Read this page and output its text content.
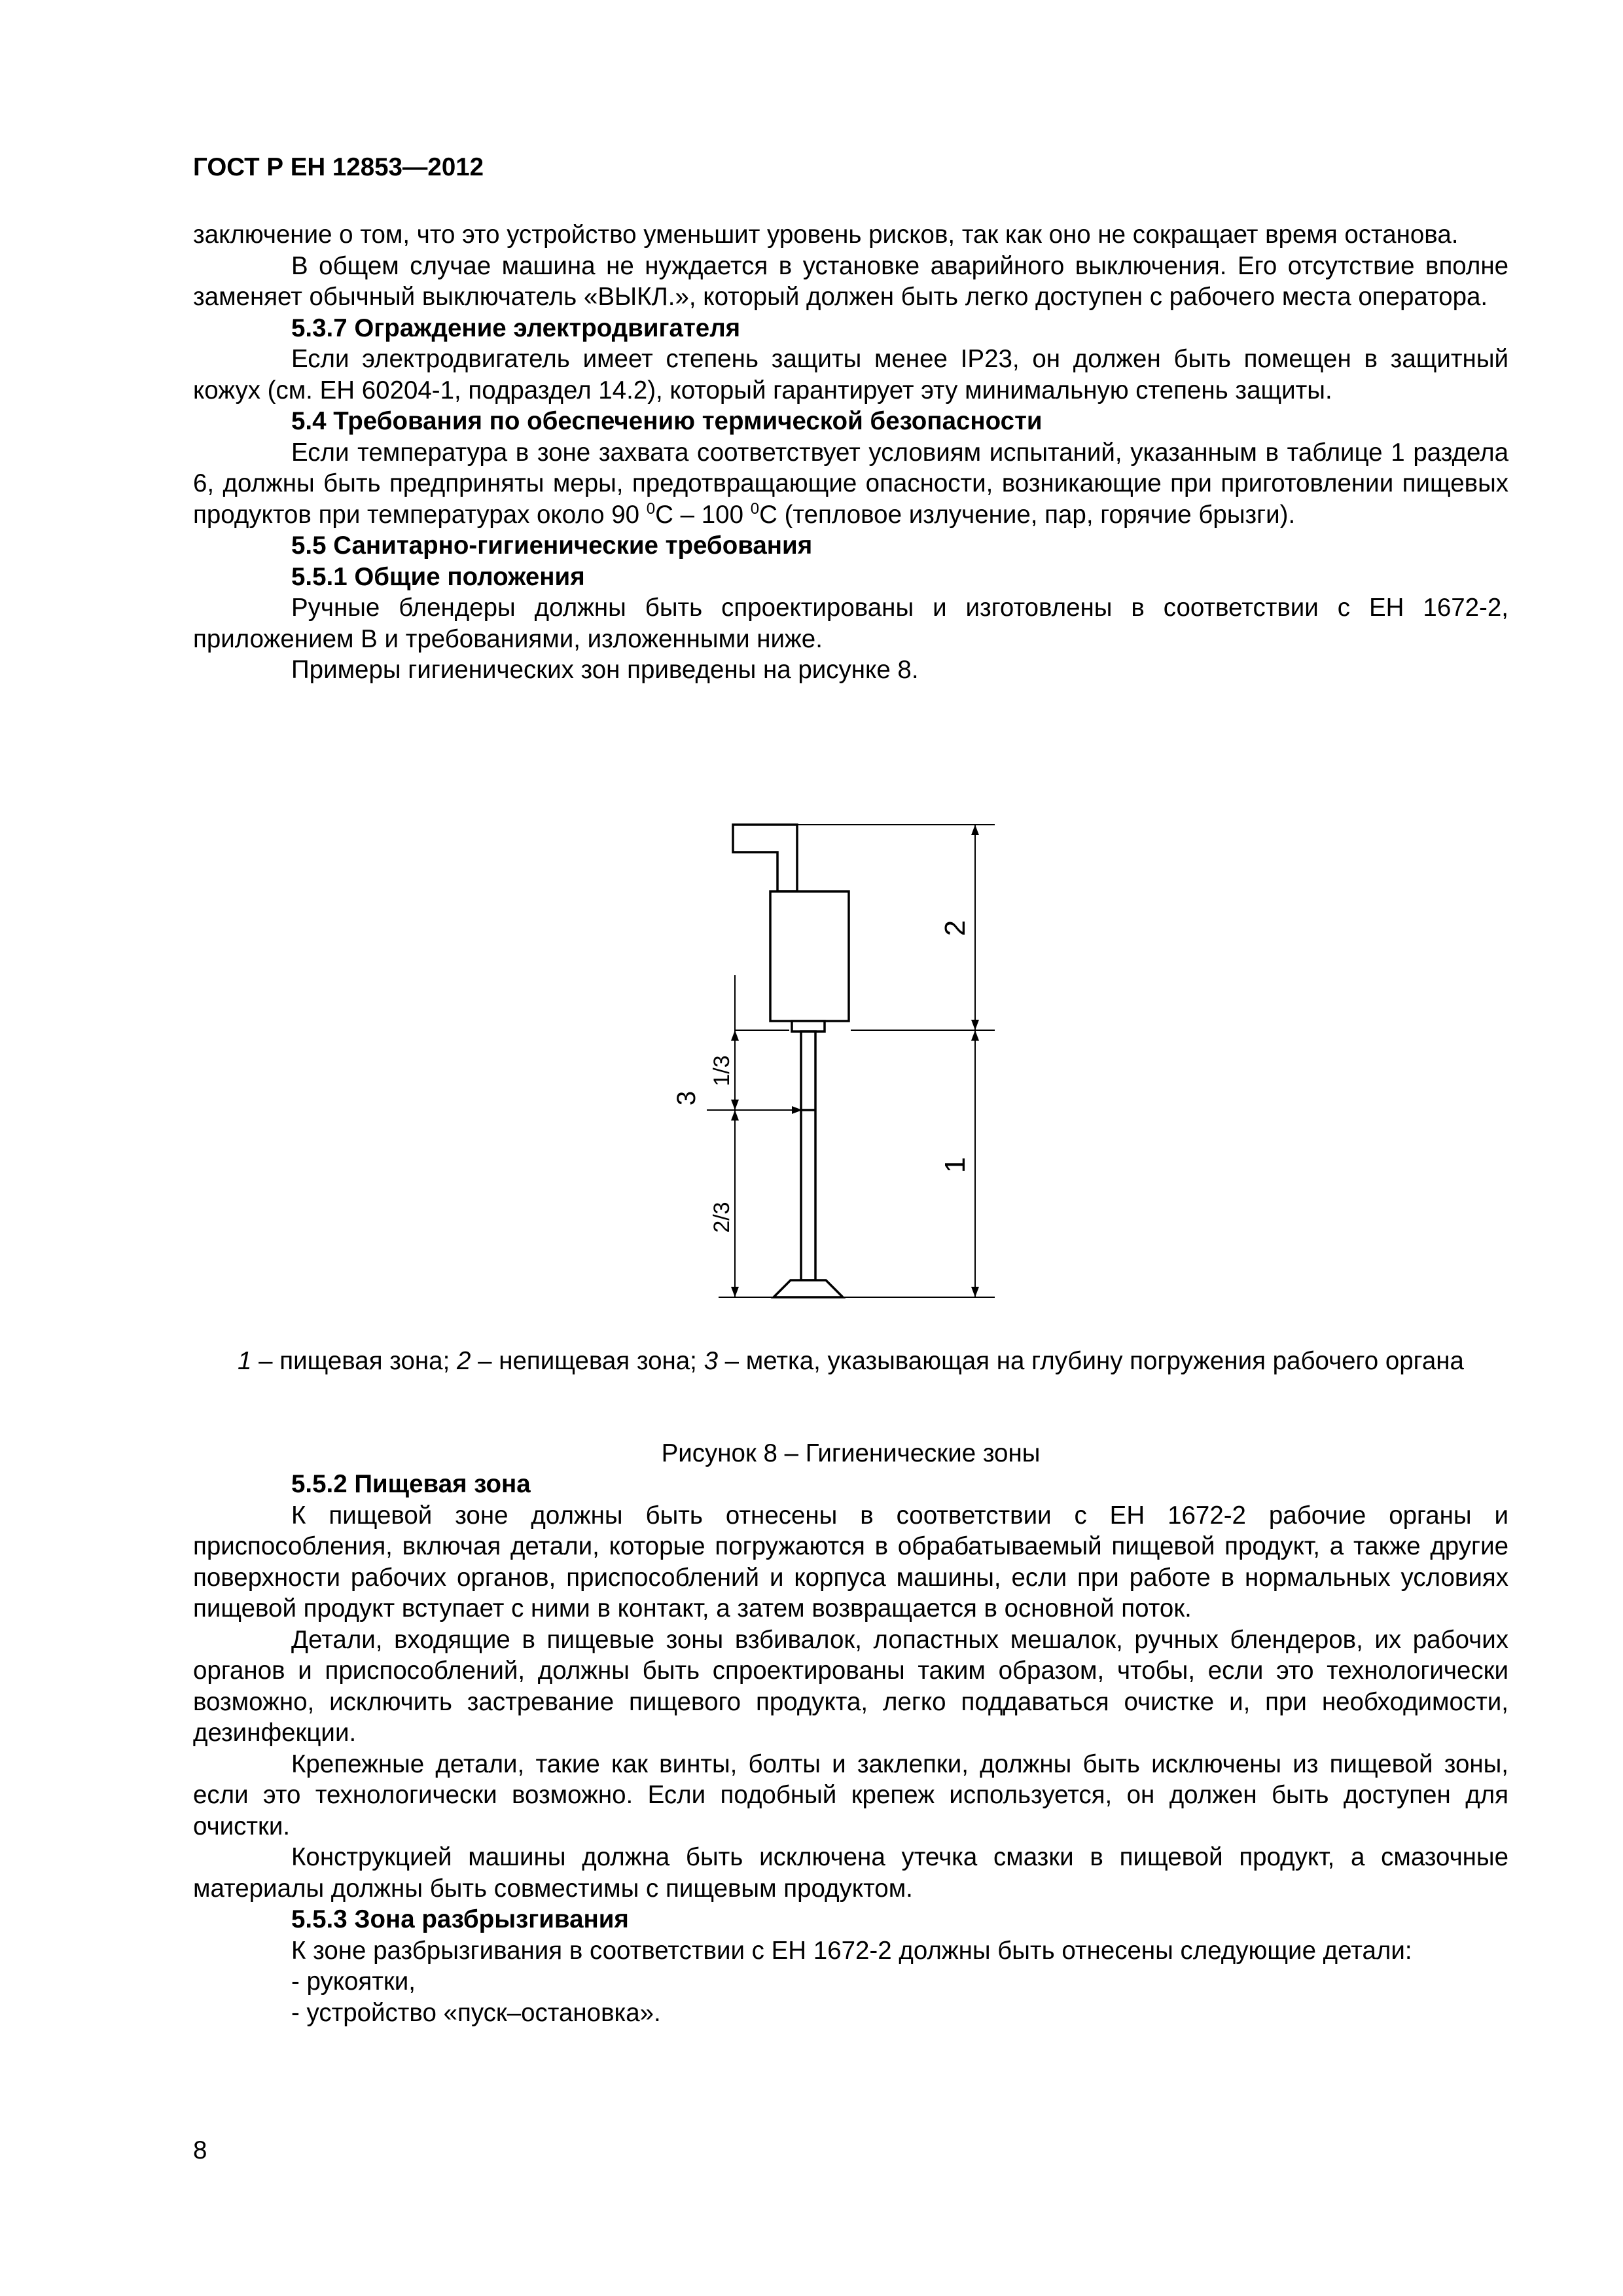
ГОСТ Р ЕН 12853—2012

заключение о том, что это устройство уменьшит уровень рисков, так как оно не сокращает время останова.

В общем случае машина не нуждается в установке аварийного выключения. Его отсутствие вполне заменяет обычный выключатель «ВЫКЛ.», который должен быть легко доступен с рабочего места оператора.

5.3.7 Ограждение электродвигателя

Если электродвигатель имеет степень защиты менее IP23, он должен быть помещен в защитный кожух (см. ЕН 60204-1, подраздел 14.2), который гарантирует эту минимальную степень защиты.

5.4 Требования по обеспечению термической безопасности

Если температура в зоне захвата соответствует условиям испытаний, указанным в таблице 1 раздела 6, должны быть предприняты меры, предотвращающие опасности, возникающие при приготовлении пищевых продуктов при температурах около 90 $^0$С – 100 $^0$С (тепловое излучение, пар, горячие брызги).

5.5 Санитарно-гигиенические требования

5.5.1 Общие положения

Ручные блендеры должны быть спроектированы и изготовлены в соответствии с ЕН 1672-2, приложением В и требованиями, изложенными ниже.

Примеры гигиенических зон приведены на рисунке 8.

2
1
1/3
2/3
3

1 – пищевая зона; 2 – непищевая зона; 3 – метка, указывающая на глубину погружения рабочего органа

Рисунок 8 – Гигиенические зоны

5.5.2 Пищевая зона

К пищевой зоне должны быть отнесены в соответствии с ЕН 1672-2 рабочие органы и приспособления, включая детали, которые погружаются в обрабатываемый пищевой продукт, а также другие поверхности рабочих органов, приспособлений и корпуса машины, если при работе в нормальных условиях пищевой продукт вступает с ними в контакт, а затем возвращается в основной поток.

Детали, входящие в пищевые зоны взбивалок, лопастных мешалок, ручных блендеров, их рабочих органов и приспособлений, должны быть спроектированы таким образом, чтобы, если это технологически возможно, исключить застревание пищевого продукта, легко поддаваться очистке и, при необходимости, дезинфекции.

Крепежные детали, такие как винты, болты и заклепки, должны быть исключены из пищевой зоны, если это технологически возможно. Если подобный крепеж используется, он должен быть доступен для очистки.

Конструкцией машины должна быть исключена утечка смазки в пищевой продукт, а смазочные материалы должны быть совместимы с пищевым продуктом.

5.5.3 Зона разбрызгивания

К зоне разбрызгивания в соответствии с ЕН 1672-2 должны быть отнесены следующие детали:

- рукоятки,

- устройство «пуск–остановка».

8
